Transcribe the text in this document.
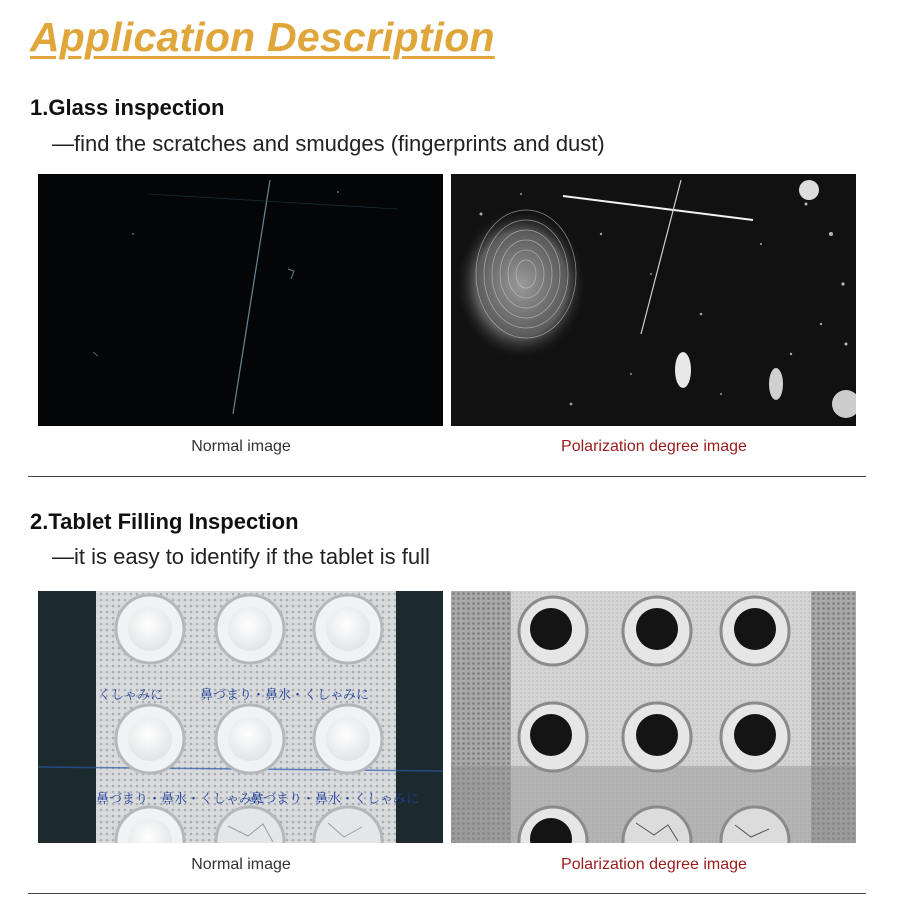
Application Description
1.Glass inspection

—find the scratches and smudges (fingerprints and dust)

Normal image	Polarization degree image
2.Tablet Filling Inspection

—it is easy to identify if the tablet is full

くしゃみに	鼻づまり・鼻水・くしゃみに
鼻づまり・鼻水・くしゃみに
鼻づまり・鼻水・くしゃみに
Normal image	Polarization degree image
